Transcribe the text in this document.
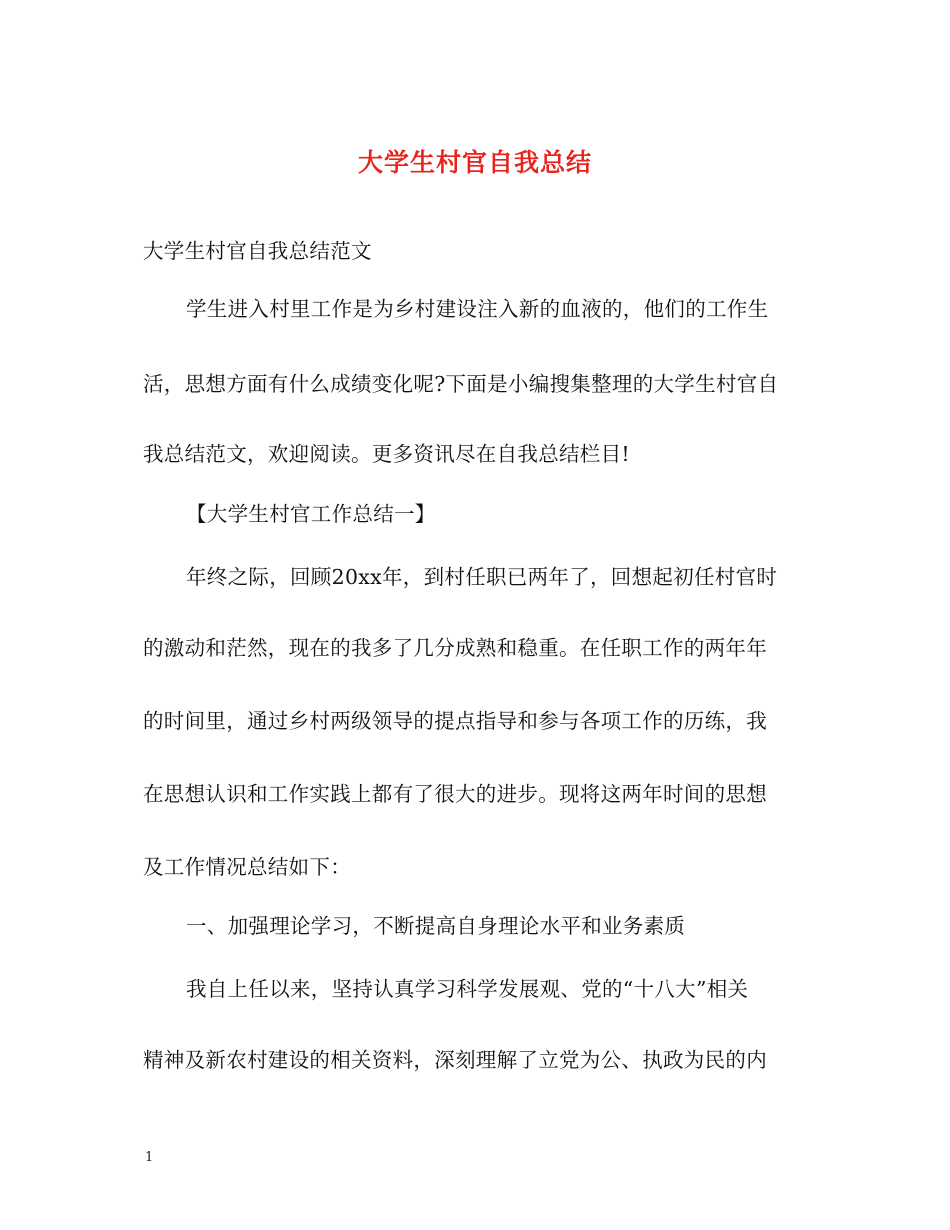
大学生村官自我总结
大学生村官自我总结范文
学生进入村里工作是为乡村建设注入新的血液的，他们的工作生
活，思想方面有什么成绩变化呢?下面是小编搜集整理的大学生村官自
我总结范文，欢迎阅读。更多资讯尽在自我总结栏目!
【大学生村官工作总结一】
年终之际，回顾20xx年，到村任职已两年了，回想起初任村官时
的激动和茫然，现在的我多了几分成熟和稳重。在任职工作的两年年
的时间里，通过乡村两级领导的提点指导和参与各项工作的历练，我
在思想认识和工作实践上都有了很大的进步。现将这两年时间的思想
及工作情况总结如下：
一、加强理论学习，不断提高自身理论水平和业务素质
我自上任以来，坚持认真学习科学发展观、党的“十八大”相关
精神及新农村建设的相关资料，深刻理解了立党为公、执政为民的内
1
